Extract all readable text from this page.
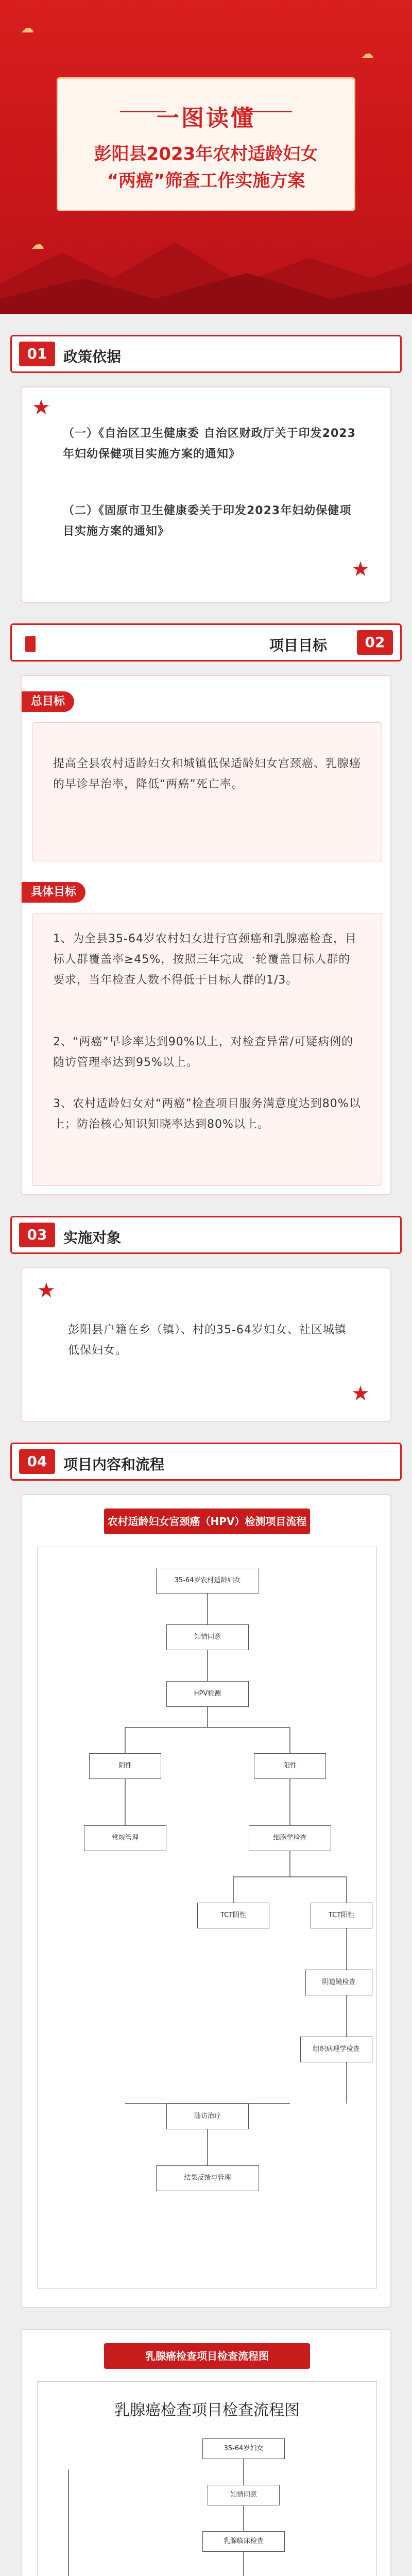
☁
☁
☁
一图读懂
彭阳县2023年农村适龄妇女
“两癌”筛查工作实施方案
01	政策依据
★
★
（一）《自治区卫生健康委 自治区财政厅关于印发2023年妇幼保健项目实施方案的通知》
（二）《固原市卫生健康委关于印发2023年妇幼保健项目实施方案的通知》
项目目标	02
总目标
提高全县农村适龄妇女和城镇低保适龄妇女宫颈癌、乳腺癌的早诊早治率，降低“两癌”死亡率。
具体目标
1、为全县35-64岁农村妇女进行宫颈癌和乳腺癌检查，目标人群覆盖率≥45%，按照三年完成一轮覆盖目标人群的要求，当年检查人数不得低于目标人群的1/3。
2、“两癌”早诊率达到90%以上，对检查异常/可疑病例的随访管理率达到95%以上。
3、农村适龄妇女对“两癌”检查项目服务满意度达到80%以上；防治核心知识知晓率达到80%以上。
03	实施对象
★
★
彭阳县户籍在乡（镇）、村的35-64岁妇女、社区城镇低保妇女。
04	项目内容和流程
农村适龄妇女宫颈癌（HPV）检测项目流程
35-64岁农村适龄妇女
知情同意
HPV检测
阴性	阳性
常规管理	细胞学检查
TCT阴性	TCT阳性
阴道镜检查
组织病理学检查
随访治疗
结果反馈与管理
乳腺癌检查项目检查流程图
乳腺癌检查项目检查流程图
35-64岁妇女
知情同意
乳腺临床检查
